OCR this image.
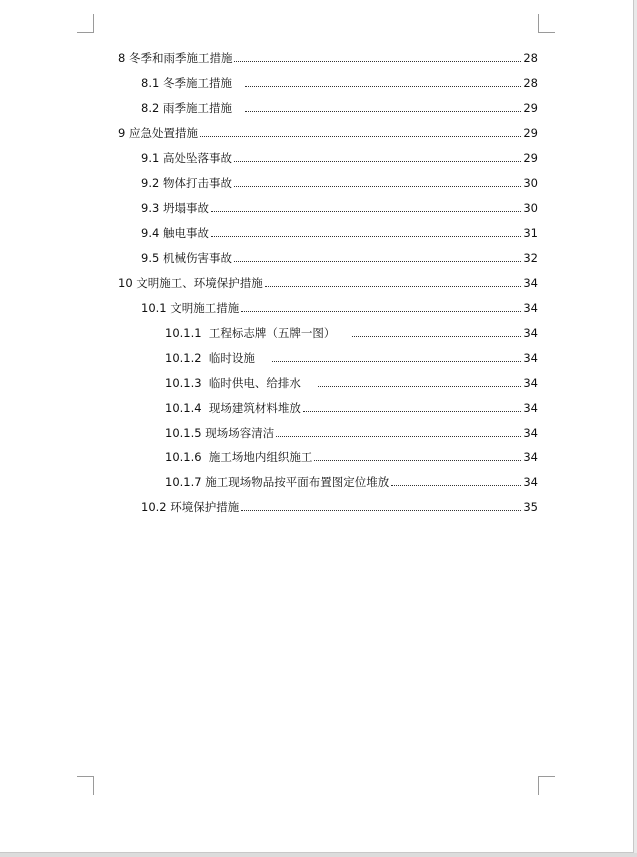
8 冬季和雨季施工措施	28
8.1 冬季施工措施	28
8.2 雨季施工措施	29
9 应急处置措施	29
9.1 高处坠落事故	29
9.2 物体打击事故	30
9.3 坍塌事故	30
9.4 触电事故	31
9.5 机械伤害事故	32
10 文明施工、环境保护措施	34
10.1 文明施工措施	34
10.1.1  工程标志牌（五牌一图）	34
10.1.2  临时设施	34
10.1.3  临时供电、给排水	34
10.1.4  现场建筑材料堆放	34
10.1.5 现场场容清洁	34
10.1.6  施工场地内组织施工	34
10.1.7 施工现场物品按平面布置图定位堆放	34
10.2 环境保护措施	35
